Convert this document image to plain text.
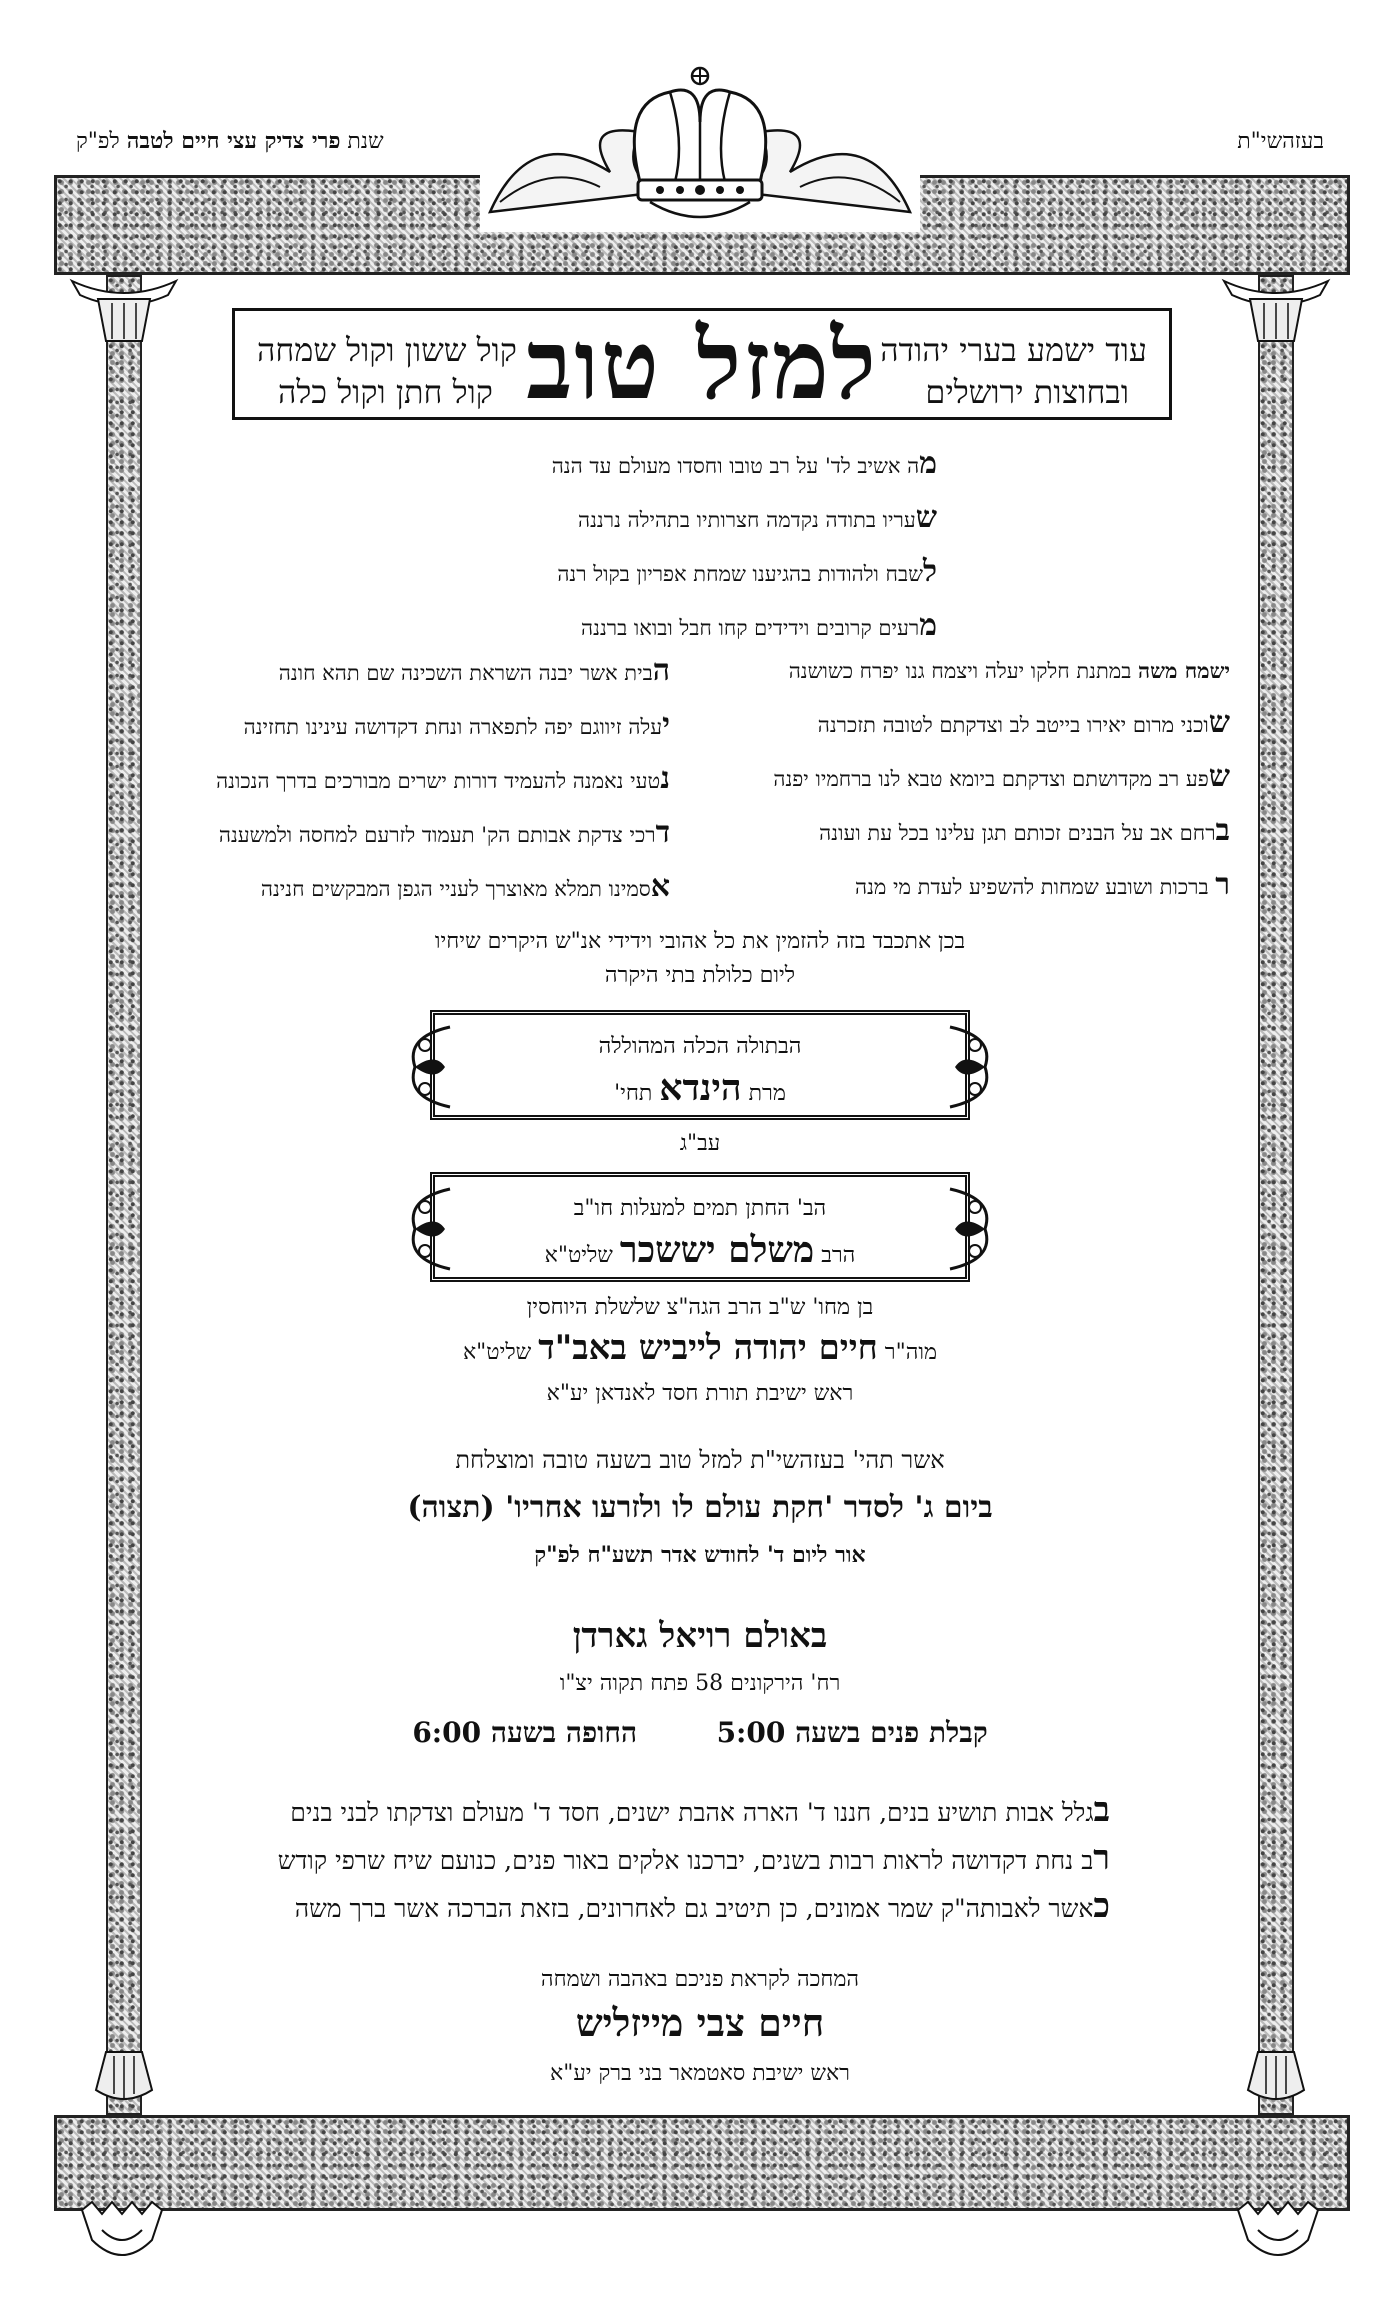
בעזהשי"ת
שנת פרי צדיק עצי חיים לטבה לפ"ק
עוד ישמע בערי יהודה
ובחוצות ירושלים
למזל טוב
קול ששון וקול שמחה
קול חתן וקול כלה
מה אשיב לד' על רב טובו וחסדו מעולם עד הנה
שעריו בתודה נקדמה חצרותיו בתהילה נרננה
לשבח ולהודות בהגיענו שמחת אפריון בקול רנה
מרעים קרובים וידידים קחו חבל ובואו ברננה
ישמח משה במתנת חלקו יעלה ויצמח גנו יפרח כשושנה
שוכני מרום יאירו בייטב לב וצדקתם לטובה תזכרנה
שפע רב מקדושתם וצדקתם ביומא טבא לנו ברחמיו יפנה
ברחם אב על הבנים זכותם תגן עלינו בכל עת ועונה
ר ברכות ושובע שמחות להשפיע לעדת מי מנה
הבית אשר יבנה השראת השכינה שם תהא חונה
יעלה זיווגם יפה לתפארה ונחת דקדושה עינינו תחזינה
נטעי נאמנה להעמיד דורות ישרים מבורכים בדרך הנכונה
דרכי צדקת אבותם הק' תעמוד לזרעם למחסה ולמשענה
אסמינו תמלא מאוצרך לעניי הגפן המבקשים חנינה
בכן אתכבד בזה להזמין את כל אהובי וידידי אנ"ש היקרים שיחיו
ליום כלולת בתי היקרה
הבתולה הכלה המהוללה
מרת הינדא תחי'
עב"ג
הב' החתן תמים למעלות חו"ב
הרב משלם יששכר שליט"א
בן מחו' ש"ב הרב הגה"צ שלשלת היוחסין
מוה"ר חיים יהודה לייביש באב"ד שליט"א
ראש ישיבת תורת חסד לאנדאן יע"א
אשר תהי' בעזהשי"ת למזל טוב בשעה טובה ומוצלחת
ביום ג' לסדר 'חקת עולם לו ולזרעו אחריו' (תצוה)
אור ליום ד' לחודש אדר תשע"ח לפ"ק
באולם רויאל גארדן
רח' הירקונים 58 פתח תקוה יצ"ו
קבלת פנים בשעה 5:00  החופה בשעה 6:00
בגלל אבות תושיע בנים, חננו ד' הארה אהבת ישנים, חסד ד' מעולם וצדקתו לבני בנים
רב נחת דקדושה לראות רבות בשנים, יברכנו אלקים באור פנים, כנועם שיח שרפי קודש
כאשר לאבותה"ק שמר אמונים, כן תיטיב גם לאחרונים, בזאת הברכה אשר ברך משה
המחכה לקראת פניכם באהבה ושמחה
חיים צבי מייזליש
ראש ישיבת סאטמאר בני ברק יע"א
